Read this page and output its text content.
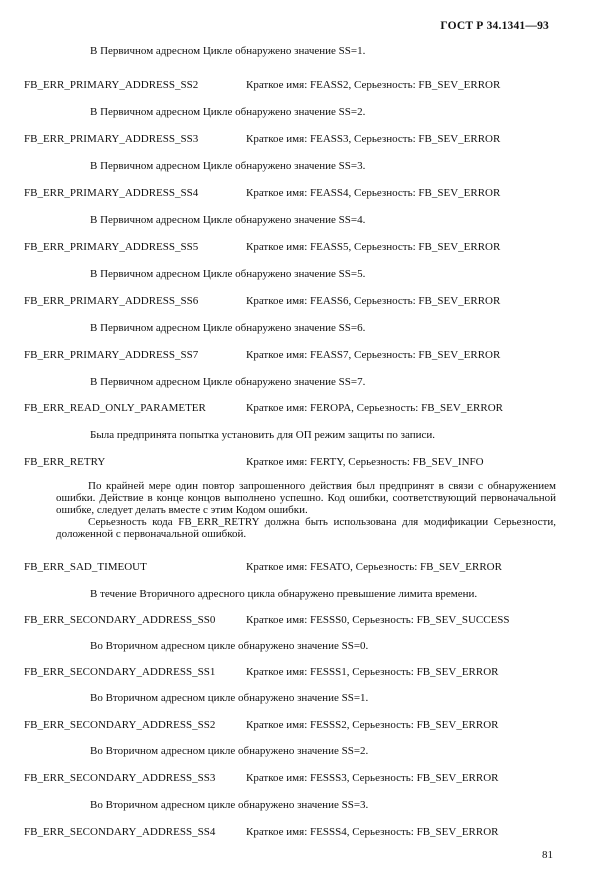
ГОСТ Р 34.1341—93
В Первичном адресном Цикле обнаружено значение SS=1.
FB_ERR_PRIMARY_ADDRESS_SS2	Краткое имя: FEASS2, Серьезность: FB_SEV_ERROR
В Первичном адресном Цикле обнаружено значение SS=2.
FB_ERR_PRIMARY_ADDRESS_SS3	Краткое имя: FEASS3, Серьезность: FB_SEV_ERROR
В Первичном адресном Цикле обнаружено значение SS=3.
FB_ERR_PRIMARY_ADDRESS_SS4	Краткое имя: FEASS4, Серьезность: FB_SEV_ERROR
В Первичном адресном Цикле обнаружено значение SS=4.
FB_ERR_PRIMARY_ADDRESS_SS5	Краткое имя: FEASS5, Серьезность: FB_SEV_ERROR
В Первичном адресном Цикле обнаружено значение SS=5.
FB_ERR_PRIMARY_ADDRESS_SS6	Краткое имя: FEASS6, Серьезность: FB_SEV_ERROR
В Первичном адресном Цикле обнаружено значение SS=6.
FB_ERR_PRIMARY_ADDRESS_SS7	Краткое имя: FEASS7, Серьезность: FB_SEV_ERROR
В Первичном адресном Цикле обнаружено значение SS=7.
FB_ERR_READ_ONLY_PARAMETER	Краткое имя: FEROPA, Серьезность: FB_SEV_ERROR
Была предпринята попытка установить для ОП режим защиты по записи.
FB_ERR_RETRY	Краткое имя: FERTY, Серьезность: FB_SEV_INFO

По крайней мере один повтор запрошенного действия был предпринят в связи с обнаружением ошибки. Действие в конце концов выполнено успешно. Код ошибки, соответствующий первоначальной ошибке, следует делать вместе с этим Кодом ошибки.

Серьезность кода FB_ERR_RETRY должна быть использована для модификации Серьезности, доложенной с первоначальной ошибкой.

FB_ERR_SAD_TIMEOUT	Краткое имя: FESATO, Серьезность: FB_SEV_ERROR
В течение Вторичного адресного цикла обнаружено превышение лимита времени.
FB_ERR_SECONDARY_ADDRESS_SS0	Краткое имя: FESSS0, Серьезность: FB_SEV_SUCCESS
Во Вторичном адресном цикле обнаружено значение SS=0.
FB_ERR_SECONDARY_ADDRESS_SS1	Краткое имя: FESSS1, Серьезность: FB_SEV_ERROR
Во Вторичном адресном цикле обнаружено значение SS=1.
FB_ERR_SECONDARY_ADDRESS_SS2	Краткое имя: FESSS2, Серьезность: FB_SEV_ERROR
Во Вторичном адресном цикле обнаружено значение SS=2.
FB_ERR_SECONDARY_ADDRESS_SS3	Краткое имя: FESSS3, Серьезность: FB_SEV_ERROR
Во Вторичном адресном цикле обнаружено значение SS=3.
FB_ERR_SECONDARY_ADDRESS_SS4	Краткое имя: FESSS4, Серьезность: FB_SEV_ERROR
81
